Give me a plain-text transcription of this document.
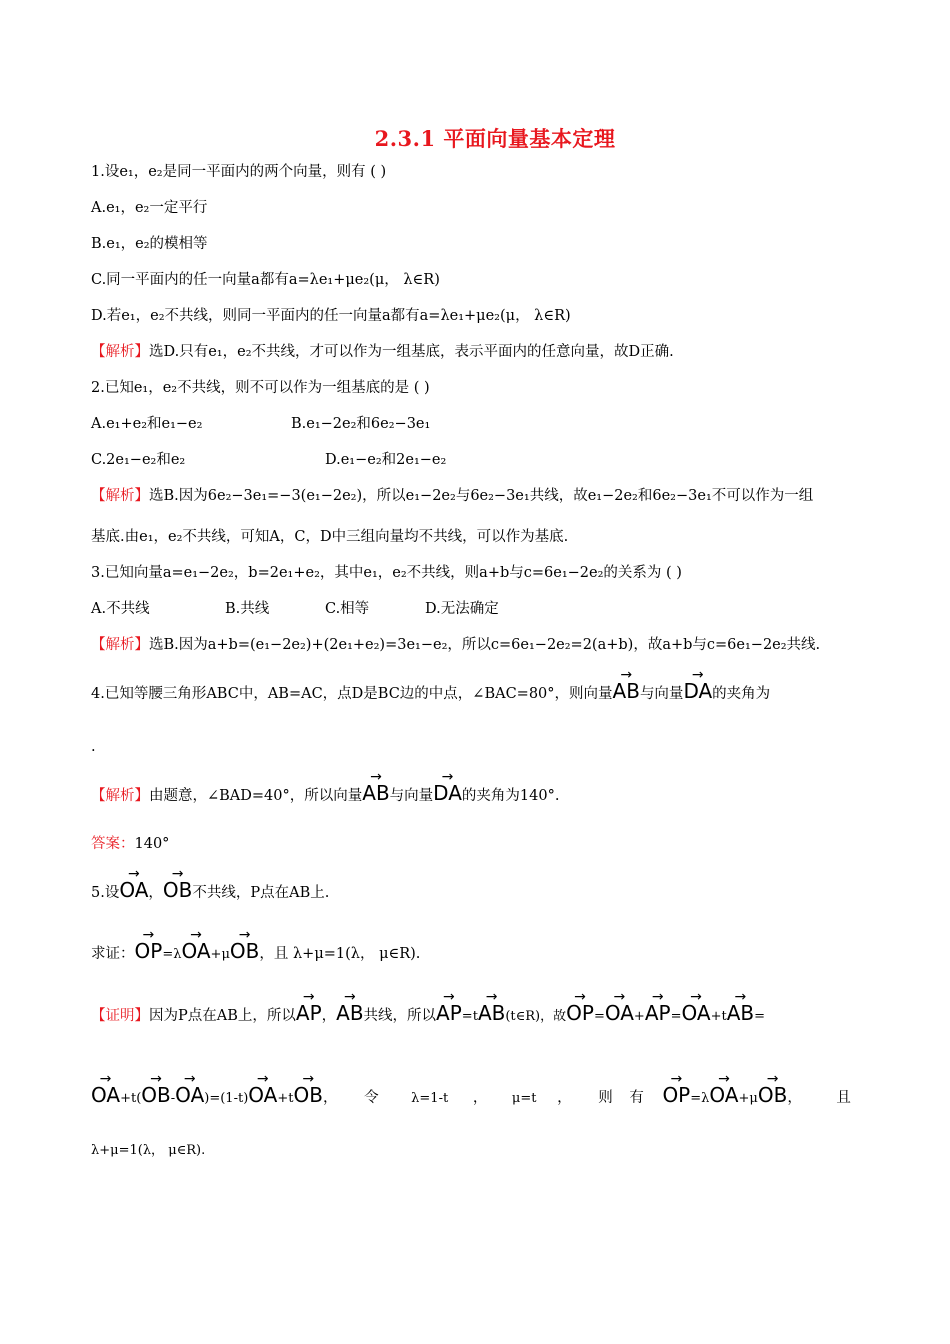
2.3.1 平面向量基本定理
1.设e₁，e₂是同一平面内的两个向量，则有 ( )
A.e₁，e₂一定平行
B.e₁，e₂的模相等
C.同一平面内的任一向量a都有a=λe₁+μe₂(μ， λ∈R)
D.若e₁，e₂不共线，则同一平面内的任一向量a都有a=λe₁+μe₂(μ， λ∈R)
【解析】选D.只有e₁，e₂不共线，才可以作为一组基底，表示平面内的任意向量，故D正确.
2.已知e₁，e₂不共线，则不可以作为一组基底的是 ( )
A.e₁+e₂和e₁−e₂	B.e₁−2e₂和6e₂−3e₁
C.2e₁−e₂和e₂	D.e₁−e₂和2e₁−e₂
【解析】选B.因为6e₂−3e₁=−3(e₁−2e₂)，所以e₁−2e₂与6e₂−3e₁共线，故e₁−2e₂和6e₂−3e₁不可以作为一组
基底.由e₁，e₂不共线，可知A，C，D中三组向量均不共线，可以作为基底.
3.已知向量a=e₁−2e₂，b=2e₁+e₂，其中e₁，e₂不共线，则a+b与c=6e₁−2e₂的关系为 ( )
A.不共线	B.共线	C.相等	D.无法确定
【解析】选B.因为a+b=(e₁−2e₂)+(2e₁+e₂)=3e₁−e₂，所以c=6e₁−2e₂=2(a+b)，故a+b与c=6e₁−2e₂共线.
4.已知等腰三角形ABC中，AB=AC，点D是BC边的中点，∠BAC=80°，则向量→ AB与向量→ DA的夹角为
.
【解析】由题意，∠BAD=40°，所以向量→ AB与向量→ DA的夹角为140°.
答案：140°
5.设→ OA，→ OB不共线，P点在AB上.
求证：→ OP=λ→ OA+μ→ OB，且 λ+μ=1(λ， μ∈R).
【证明】因为P点在AB上，所以→ AP，→ AB共线，所以→ AP=t→ AB(t∈R)，故→ OP=→ OA+→ AP=→ OA+t→ AB=
→ OA+t(→ OB-→ OA)=(1-t)→ OA+t→ OB， 令	λ=1-t ， μ=t ， 则 有 → OP=λ→ OA+μ→ OB， 且
λ+μ=1(λ， μ∈R).
